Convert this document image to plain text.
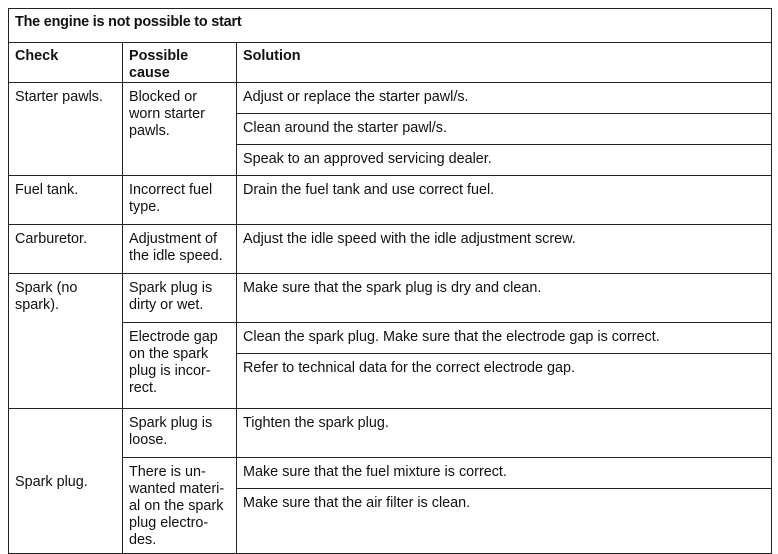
The engine is not possible to start		
Check	Possible cause	Solution
Starter pawls.	Blocked or worn starter pawls.	Adjust or replace the starter pawl/s.
		Clean around the starter pawl/s.
		Speak to an approved servicing dealer.
Fuel tank.	Incorrect fuel type.	Drain the fuel tank and use correct fuel.
Carburetor.	Adjustment of the idle speed.	Adjust the idle speed with the idle adjustment screw.
Spark (no spark).	Spark plug is dirty or wet.	Make sure that the spark plug is dry and clean.
	Electrode gap on the spark plug is incor-rect.	Clean the spark plug. Make sure that the electrode gap is correct.
		Refer to technical data for the correct electrode gap.
Spark plug.	Spark plug is loose.	Tighten the spark plug.
	There is un-wanted materi-al on the spark plug electro-des.	Make sure that the fuel mixture is correct.
		Make sure that the air filter is clean.
